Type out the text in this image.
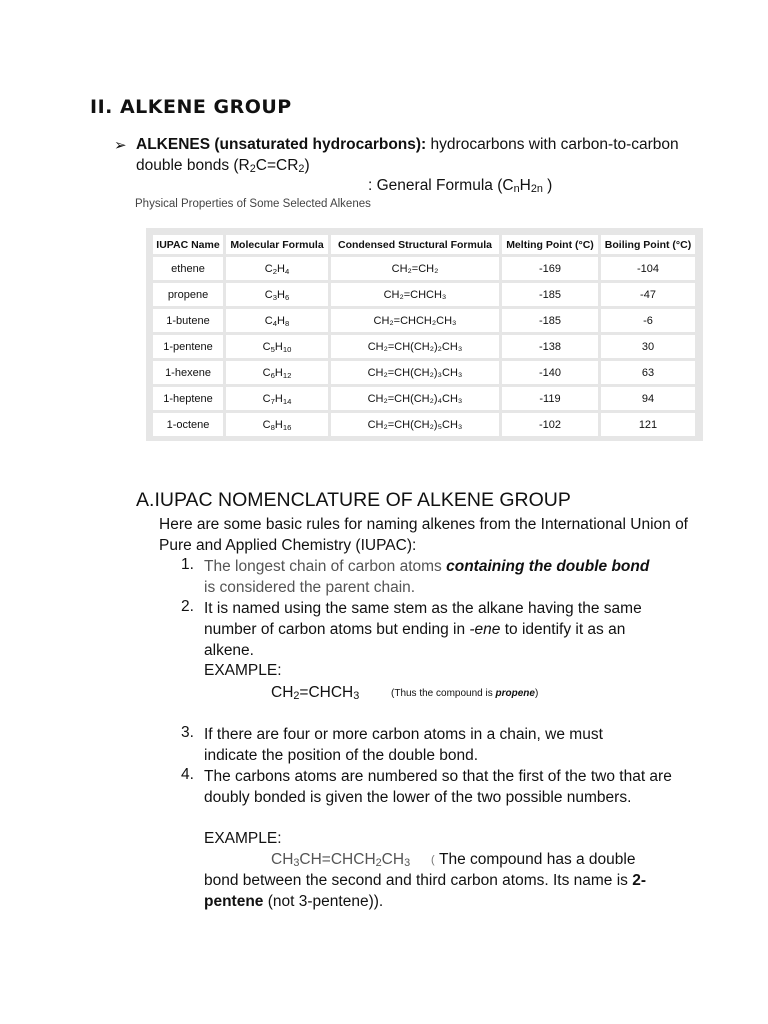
II. ALKENE GROUP
➢ ALKENES (unsaturated hydrocarbons): hydrocarbons with carbon-to-carbon double bonds $(R_2C=CR_2)$
: General Formula ($C_nH_{2n}$ )
Physical Properties of Some Selected Alkenes
IUPAC Name	Molecular Formula	Condensed Structural Formula	Melting Point (°C)	Boiling Point (°C)
ethene	$C_2H_4$	CH₂=CH₂	-169	-104
propene	$C_3H_6$	CH₂=CHCH₃	-185	-47
1-butene	$C_4H_8$	CH₂=CHCH₂CH₃	-185	-6
1-pentene	$C_5H_{10}$	CH₂=CH(CH₂)₂CH₃	-138	30
1-hexene	$C_6H_{12}$	CH₂=CH(CH₂)₃CH₃	-140	63
1-heptene	$C_7H_{14}$	CH₂=CH(CH₂)₄CH₃	-119	94
1-octene	$C_8H_{16}$	CH₂=CH(CH₂)₅CH₃	-102	121
A.IUPAC NOMENCLATURE OF ALKENE GROUP
Here are some basic rules for naming alkenes from the International Union of Pure and Applied Chemistry (IUPAC):
1. The longest chain of carbon atoms containing the double bond is considered the parent chain.
2. It is named using the same stem as the alkane having the same number of carbon atoms but ending in -ene to identify it as an alkene.
EXAMPLE:
$CH_2=CHCH_3$	(Thus the compound is propene)
3. If there are four or more carbon atoms in a chain, we must indicate the position of the double bond.
4. The carbons atoms are numbered so that the first of the two that are doubly bonded is given the lower of the two possible numbers.
EXAMPLE:
$CH_3CH=CHCH_2CH_3$ ( The compound has a double
bond between the second and third carbon atoms. Its name is 2-pentene (not 3-pentene)).
